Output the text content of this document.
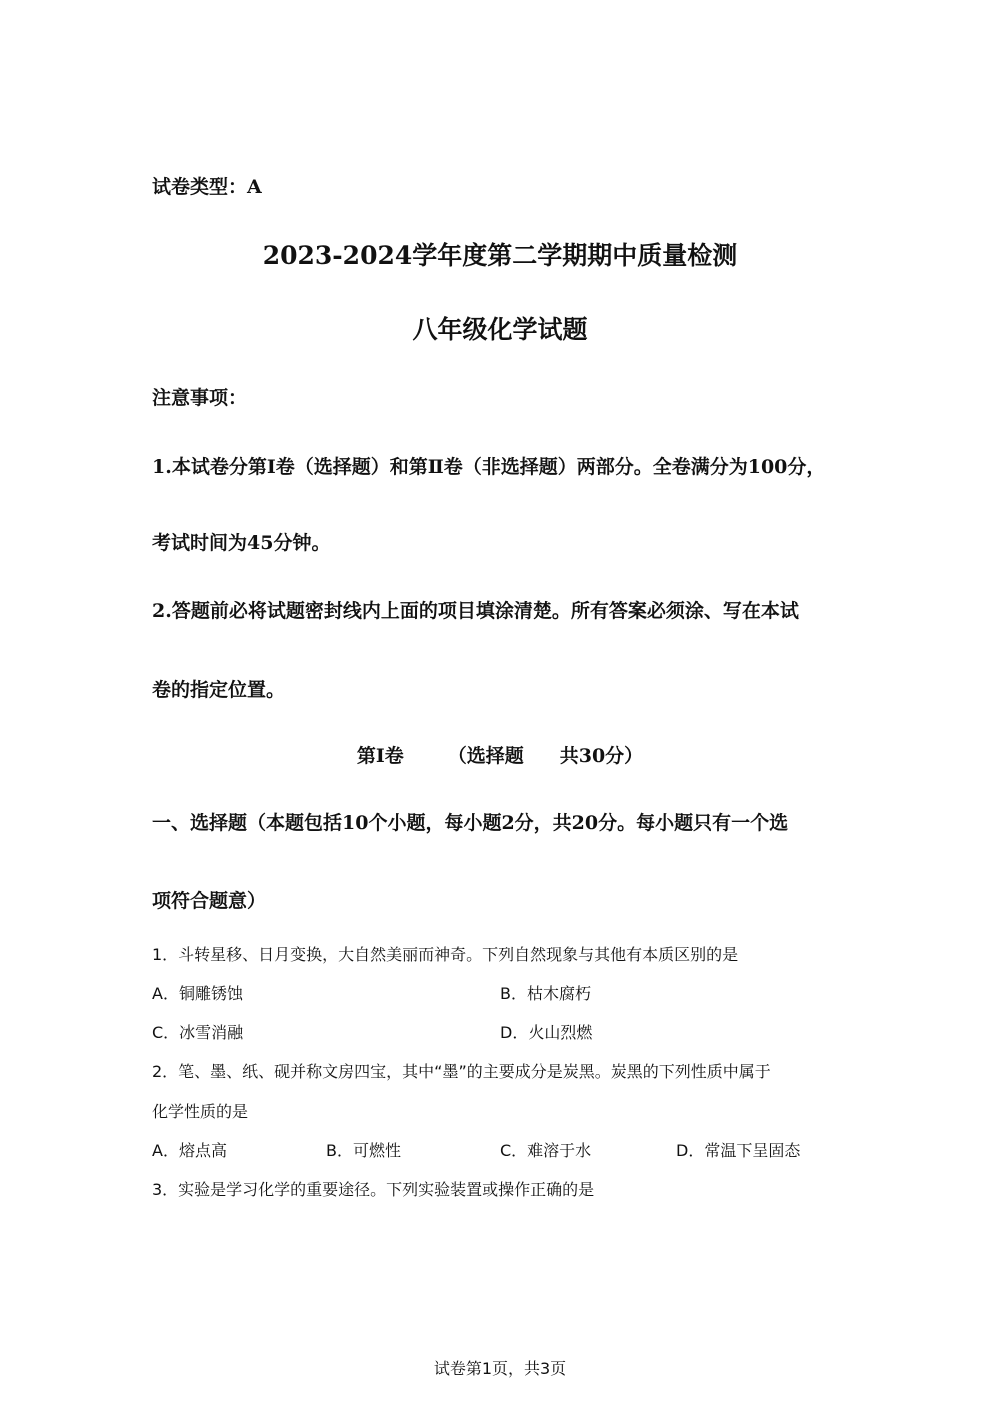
试卷类型：A
2023-2024学年度第二学期期中质量检测
八年级化学试题
注意事项：
1.本试卷分第Ⅰ卷（选择题）和第Ⅱ卷（非选择题）两部分。全卷满分为100分，
考试时间为45分钟。
2.答题前必将试题密封线内上面的项目填涂清楚。所有答案必须涂、写在本试
卷的指定位置。
第Ⅰ卷 （选择题 共30分）
一、选择题（本题包括10个小题，每小题2分，共20分。每小题只有一个选
项符合题意）
1．斗转星移、日月变换，大自然美丽而神奇。下列自然现象与其他有本质区别的是
A．铜雕锈蚀	B．枯木腐朽
C．冰雪消融	D．火山烈燃
2．笔、墨、纸、砚并称文房四宝，其中“墨”的主要成分是炭黑。炭黑的下列性质中属于
化学性质的是
A．熔点高	B．可燃性	C．难溶于水	D．常温下呈固态
3．实验是学习化学的重要途径。下列实验装置或操作正确的是
试卷第1页，共3页
